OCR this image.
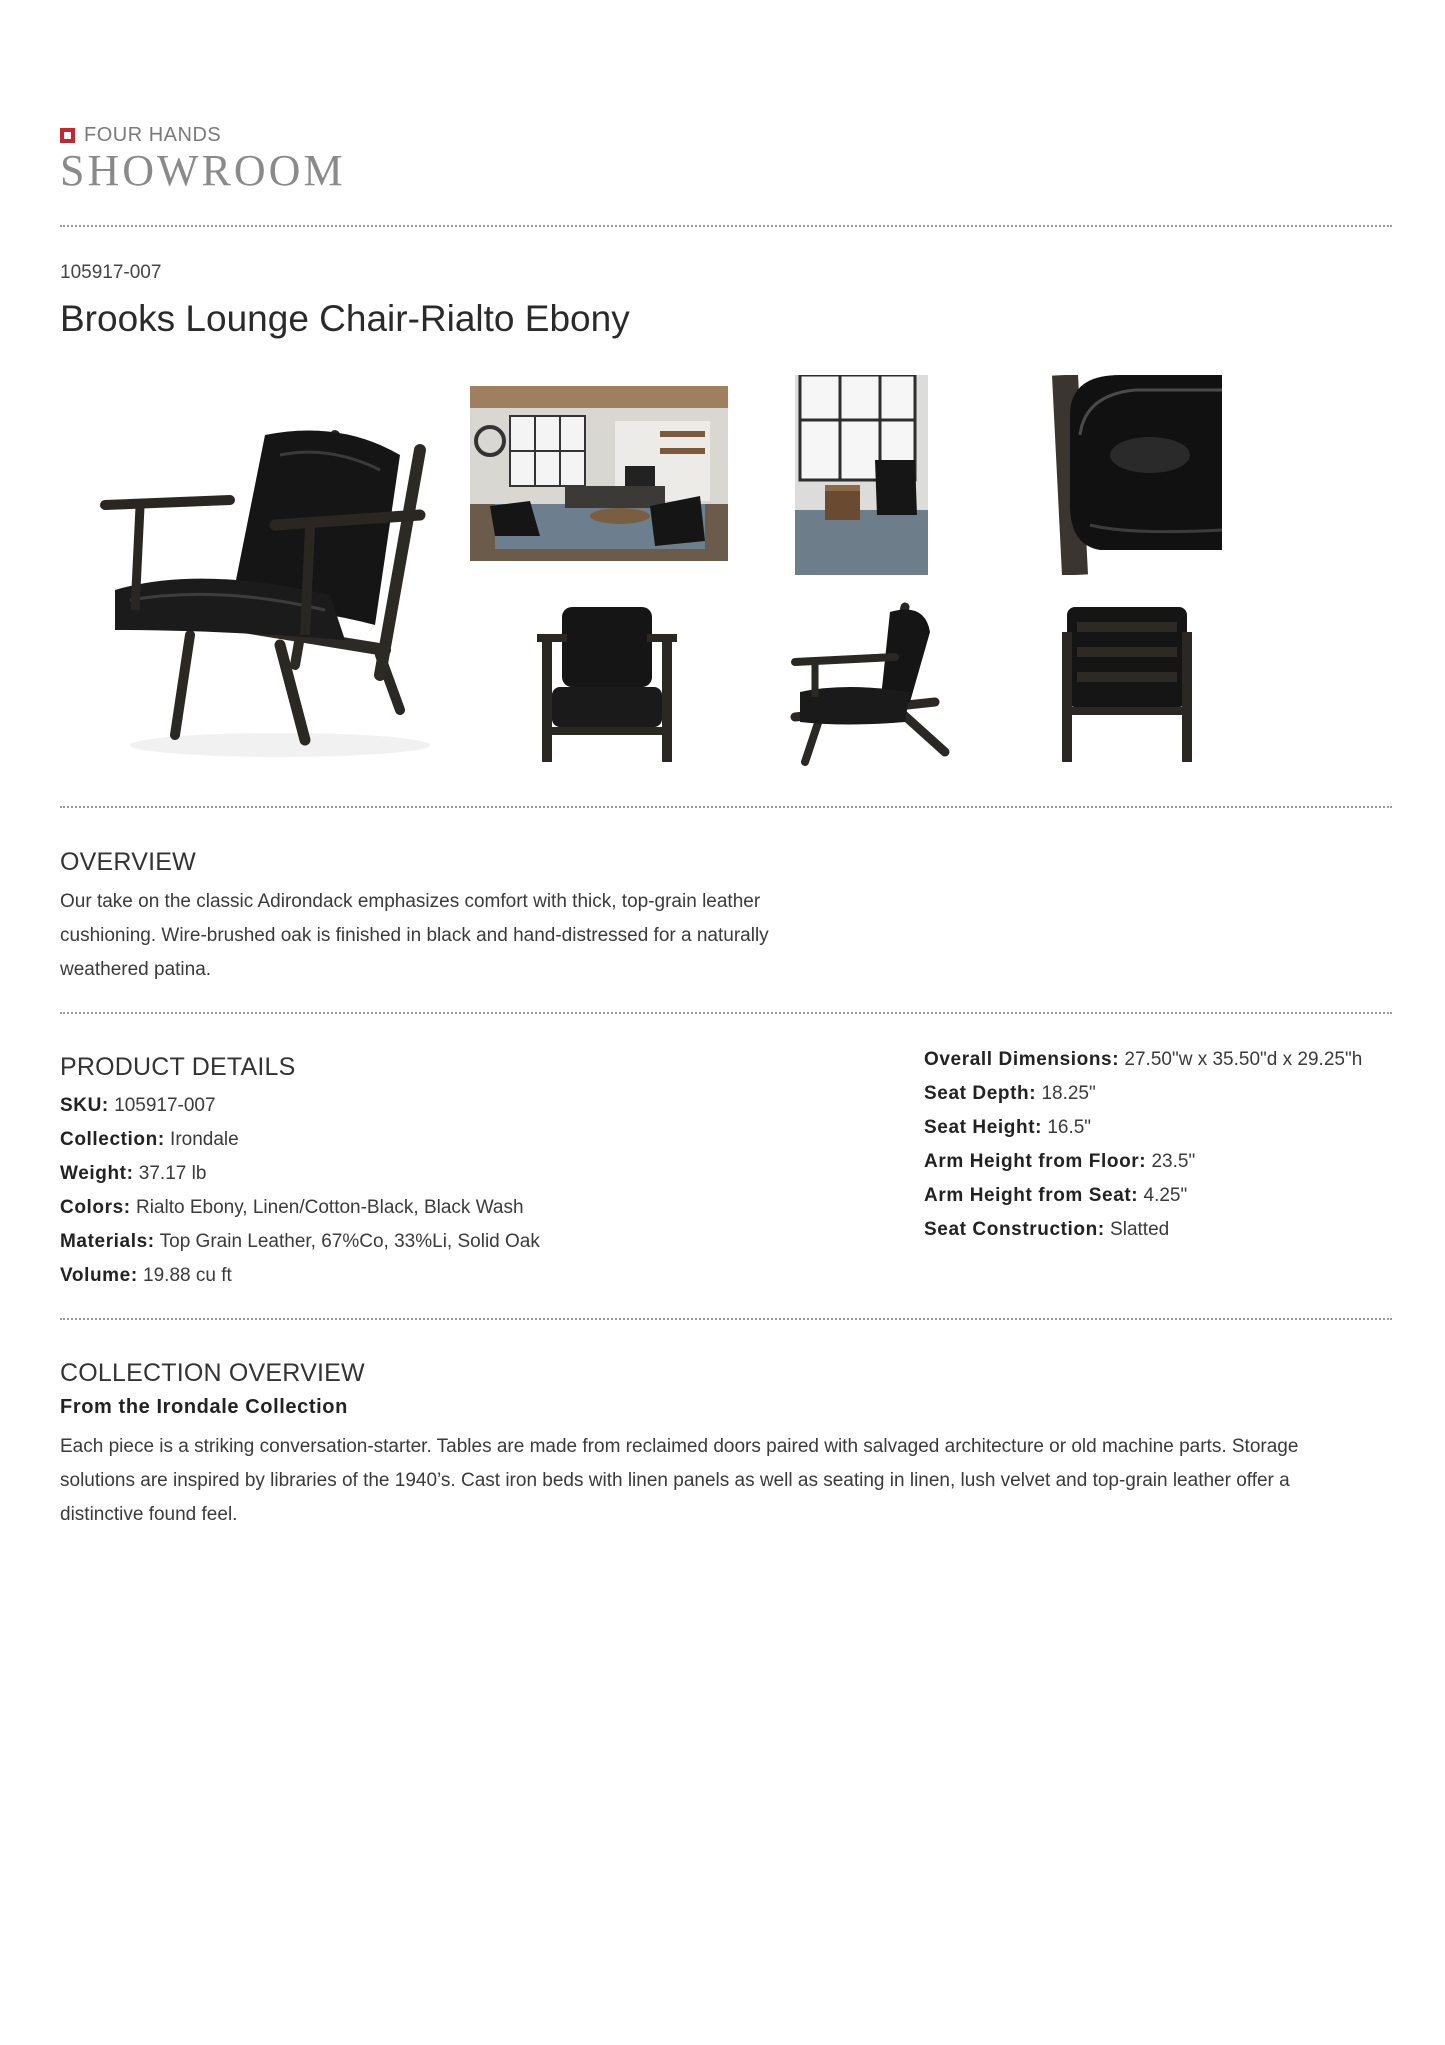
FOUR HANDS
SHOWROOM
105917-007
Brooks Lounge Chair-Rialto Ebony
OVERVIEW
Our take on the classic Adirondack emphasizes comfort with thick, top-grain leather
cushioning. Wire-brushed oak is finished in black and hand-distressed for a naturally
weathered patina.
PRODUCT DETAILS
SKU: 105917-007
Collection: Irondale
Weight: 37.17 lb
Colors: Rialto Ebony, Linen/Cotton-Black, Black Wash
Materials: Top Grain Leather, 67%Co, 33%Li, Solid Oak
Volume: 19.88 cu ft
Overall Dimensions: 27.50"w x 35.50"d x 29.25"h
Seat Depth: 18.25"
Seat Height: 16.5"
Arm Height from Floor: 23.5"
Arm Height from Seat: 4.25"
Seat Construction: Slatted
COLLECTION OVERVIEW
From the Irondale Collection
Each piece is a striking conversation-starter. Tables are made from reclaimed doors paired with salvaged architecture or old machine parts. Storage
solutions are inspired by libraries of the 1940’s. Cast iron beds with linen panels as well as seating in linen, lush velvet and top-grain leather offer a
distinctive found feel.
